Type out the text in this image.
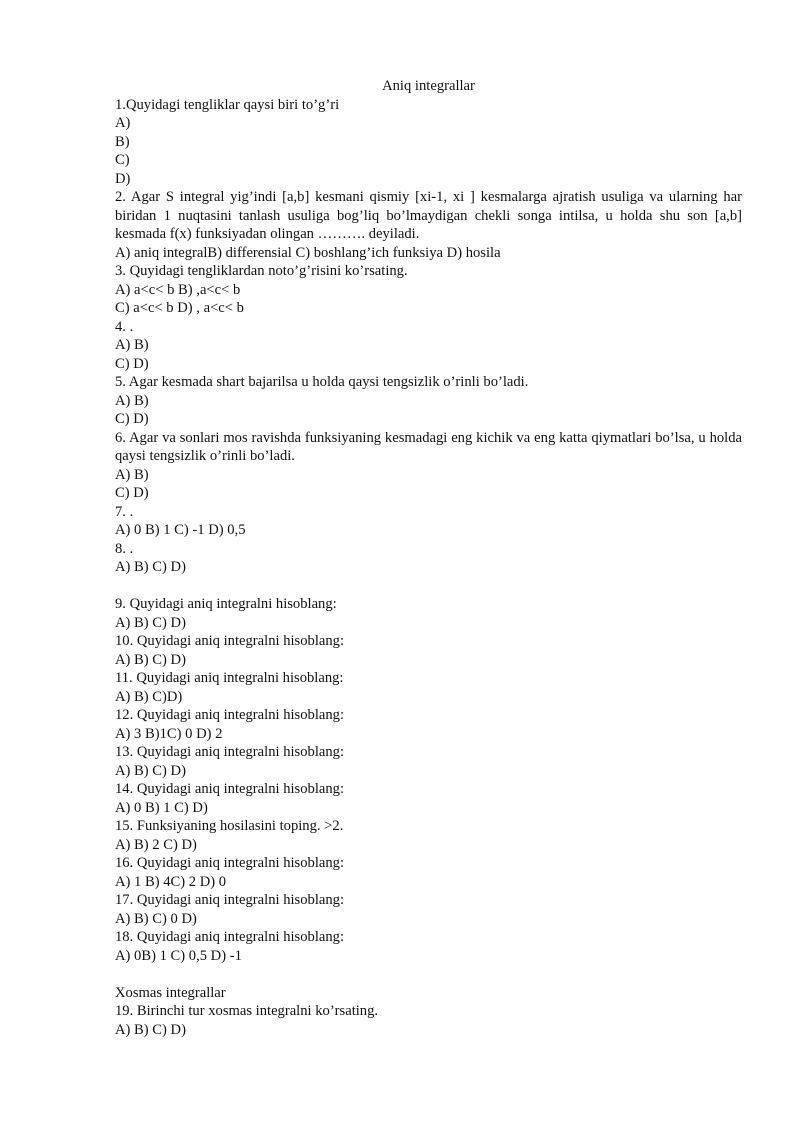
Aniq integrallar
1.Quyidagi tengliklar qaysi biri to’g’ri
A)
B)
C)
D)
2. Agar S integral yig’indi [a,b] kesmani qismiy [xi-1, xi ] kesmalarga ajratish usuliga va ularning har biridan 1 nuqtasini tanlash usuliga bog’liq bo’lmaydigan chekli songa intilsa, u holda shu son [a,b] kesmada f(x) funksiyadan olingan ………. deyiladi.
A) aniq integralB) differensial C) boshlang’ich funksiya D) hosila
3. Quyidagi tengliklardan noto’g’risini ko’rsating.
A) a<c< b B) ,a<c< b
C) a<c< b D) , a<c< b
4. .
A) B)
C) D)
5. Agar kesmada shart bajarilsa u holda qaysi tengsizlik o’rinli bo’ladi.
A) B)
C) D)
6. Agar va sonlari mos ravishda funksiyaning kesmadagi eng kichik va eng katta qiymatlari bo’lsa, u holda qaysi tengsizlik o’rinli bo’ladi.
A) B)
C) D)
7. .
A) 0 B) 1 C) -1 D) 0,5
8. .
A) B) C) D)
9. Quyidagi aniq integralni hisoblang:
A) B) C) D)
10. Quyidagi aniq integralni hisoblang:
A) B) C) D)
11. Quyidagi aniq integralni hisoblang:
A) B) C)D)
12. Quyidagi aniq integralni hisoblang:
A) 3 B)1C) 0 D) 2
13. Quyidagi aniq integralni hisoblang:
A) B) C) D)
14. Quyidagi aniq integralni hisoblang:
A) 0 B) 1 C) D)
15. Funksiyaning hosilasini toping. >2.
A) B) 2 C) D)
16. Quyidagi aniq integralni hisoblang:
A) 1 B) 4C) 2 D) 0
17. Quyidagi aniq integralni hisoblang:
A) B) C) 0 D)
18. Quyidagi aniq integralni hisoblang:
A) 0B) 1 C) 0,5 D) -1
Xosmas integrallar
19. Birinchi tur xosmas integralni ko’rsating.
A) B) C) D)
